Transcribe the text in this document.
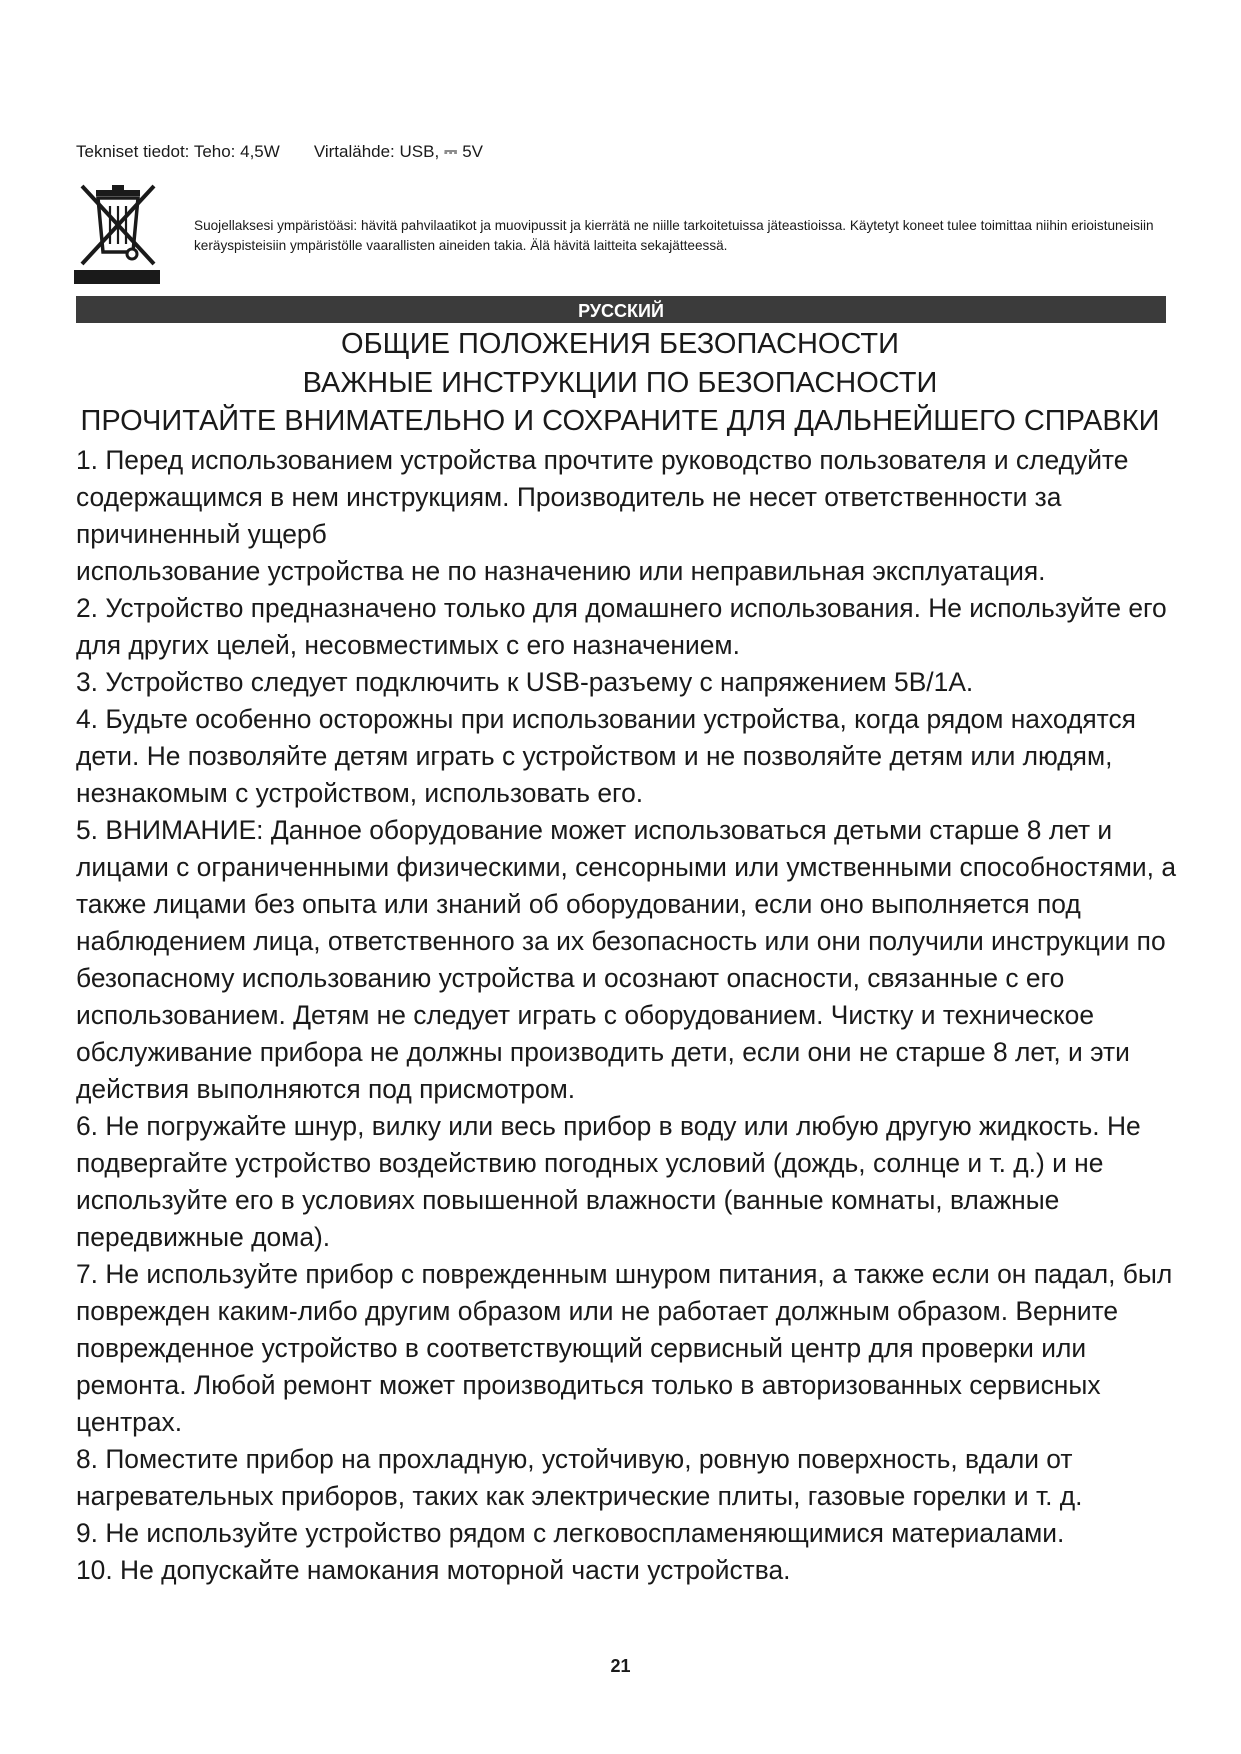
Tekniset tiedot: Teho: 4,5W Virtalähde: USB, ⎓ 5V
Suojellaksesi ympäristöäsi: hävitä pahvilaatikot ja muovipussit ja kierrätä ne niille tarkoitetuissa jäteastioissa. Käytetyt koneet tulee toimittaa niihin erioistuneisiin keräyspisteisiin ympäristölle vaarallisten aineiden takia. Älä hävitä laitteita sekajätteessä.
РУССКИЙ
ОБЩИЕ ПОЛОЖЕНИЯ БЕЗОПАСНОСТИ
ВАЖНЫЕ ИНСТРУКЦИИ ПО БЕЗОПАСНОСТИ
ПРОЧИТАЙТЕ ВНИМАТЕЛЬНО И СОХРАНИТЕ ДЛЯ ДАЛЬНЕЙШЕГО СПРАВКИ

1. Перед использованием устройства прочтите руководство пользователя и следуйте содержащимся в нем инструкциям. Производитель не несет ответственности за причиненный ущерб

использование устройства не по назначению или неправильная эксплуатация.

2. Устройство предназначено только для домашнего использования. Не используйте его для других целей, несовместимых с его назначением.

3. Устройство следует подключить к USB-разъему с напряжением 5В/1А.

4. Будьте особенно осторожны при использовании устройства, когда рядом находятся дети. Не позволяйте детям играть с устройством и не позволяйте детям или людям, незнакомым с устройством, использовать его.

5. ВНИМАНИЕ: Данное оборудование может использоваться детьми старше 8 лет и лицами с ограниченными физическими, сенсорными или умственными способностями, а также лицами без опыта или знаний об оборудовании, если оно выполняется под наблюдением лица, ответственного за их безопасность или они получили инструкции по безопасному использованию устройства и осознают опасности, связанные с его использованием. Детям не следует играть с оборудованием. Чистку и техническое обслуживание прибора не должны производить дети, если они не старше 8 лет, и эти действия выполняются под присмотром.

6. Не погружайте шнур, вилку или весь прибор в воду или любую другую жидкость. Не подвергайте устройство воздействию погодных условий (дождь, солнце и т. д.) и не используйте его в условиях повышенной влажности (ванные комнаты, влажные передвижные дома).

7. Не используйте прибор с поврежденным шнуром питания, а также если он падал, был поврежден каким-либо другим образом или не работает должным образом. Верните поврежденное устройство в соответствующий сервисный центр для проверки или ремонта. Любой ремонт может производиться только в авторизованных сервисных центрах.

8. Поместите прибор на прохладную, устойчивую, ровную поверхность, вдали от нагревательных приборов, таких как электрические плиты, газовые горелки и т. д.

9. Не используйте устройство рядом с легковоспламеняющимися материалами.

10. Не допускайте намокания моторной части устройства.

21
